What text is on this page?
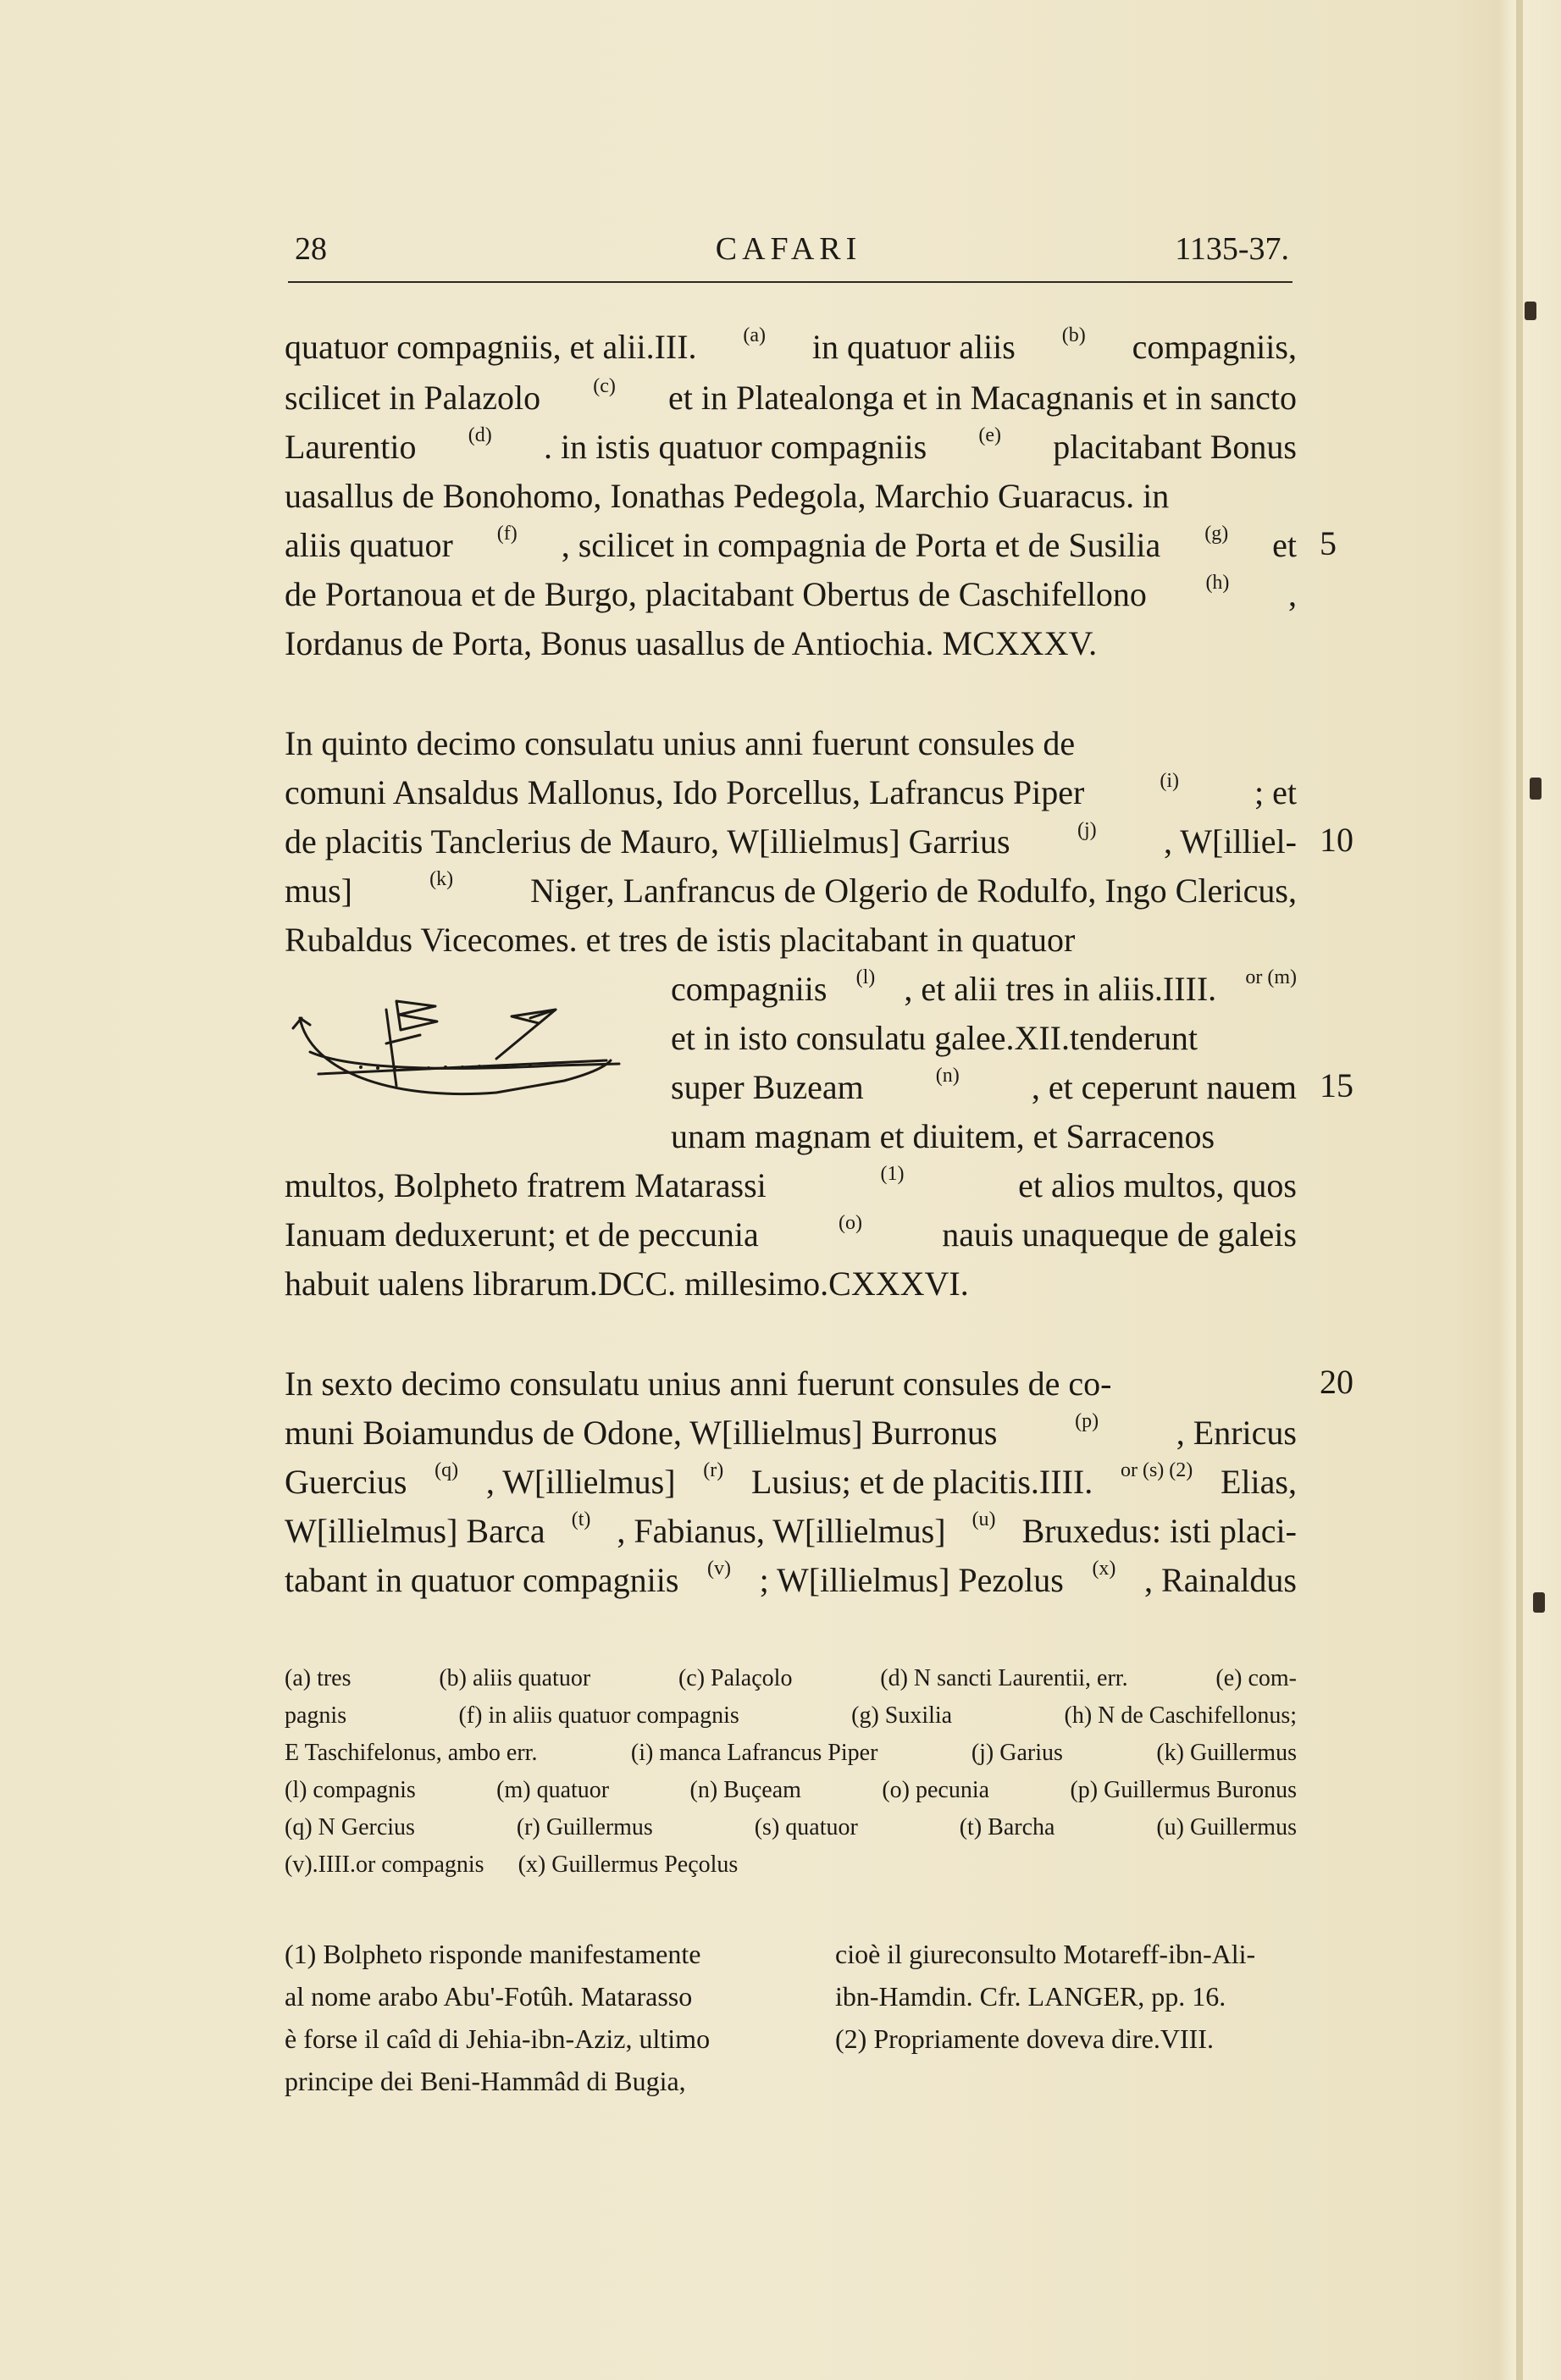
28	CAFARI	1135-37.
quatuor compagniis, et alii.III. (a) in quatuor aliis (b) compagniis,
scilicet in Palazolo	(c) et in Platealonga et in Macagnanis et in sancto
Laurentio	(d) . in istis quatuor compagniis	(e) placitabant Bonus
uasallus de Bonohomo, Ionathas Pedegola, Marchio Guaracus. in
aliis quatuor (f) , scilicet in compagnia de Porta et de Susilia (g) et
de Portanoua et de Burgo, placitabant Obertus de Caschifellono	(h) ,
Iordanus de Porta, Bonus uasallus de Antiochia. MCXXXV.
In quinto decimo consulatu unius anni fuerunt consules de
comuni Ansaldus Mallonus, Ido Porcellus, Lafrancus Piper	(i) ; et
de placitis Tanclerius de Mauro, W[illielmus] Garrius	(j) , W[illiel-
mus]	(k) Niger, Lanfrancus de Olgerio de Rodulfo, Ingo Clericus,
Rubaldus Vicecomes. et tres de istis placitabant in quatuor
compagniis (l) , et alii tres in aliis.IIII. or (m)
et in isto consulatu galee.XII.tenderunt
super Buzeam	(n) , et ceperunt nauem
unam magnam et diuitem, et Sarracenos
multos, Bolpheto fratrem Matarassi	(1)	et alios multos, quos
Ianuam deduxerunt; et de peccunia	(o) nauis unaqueque de galeis
habuit ualens librarum.DCC. millesimo.CXXXVI.
In sexto decimo consulatu unius anni fuerunt consules de co-
muni Boiamundus de Odone, W[illielmus] Burronus	(p) , Enricus
Guercius (q) , W[illielmus] (r) Lusius; et de placitis.IIII. or (s) (2) Elias,
W[illielmus] Barca (t) , Fabianus, W[illielmus] (u) Bruxedus: isti placi-
tabant in quatuor compagniis (v) ; W[illielmus] Pezolus (x) , Rainaldus
5
10
15
20
(a) tres	(b) aliis quatuor	(c) Palaçolo	(d) N sancti Laurentii, err.	(e) com-
pagnis	(f) in aliis quatuor compagnis	(g) Suxilia	(h) N de Caschifellonus;
E Taschifelonus, ambo err.	(i) manca Lafrancus Piper	(j) Garius	(k) Guillermus
(l) compagnis	(m) quatuor	(n) Buçeam	(o) pecunia	(p) Guillermus Buronus
(q) N Gercius	(r) Guillermus	(s) quatuor	(t) Barcha	(u) Guillermus
(v).IIII.or compagnis (x) Guillermus Peçolus
(1) Bolpheto risponde manifestamente
al nome arabo Abu'-Fotûh. Matarasso
è forse il caîd di Jehia-ibn-Aziz, ultimo
principe dei Beni-Hammâd di Bugia,
cioè il giureconsulto Motareff-ibn-Ali-
ibn-Hamdin. Cfr. LANGER, pp. 16.
(2) Propriamente doveva dire.VIII.
